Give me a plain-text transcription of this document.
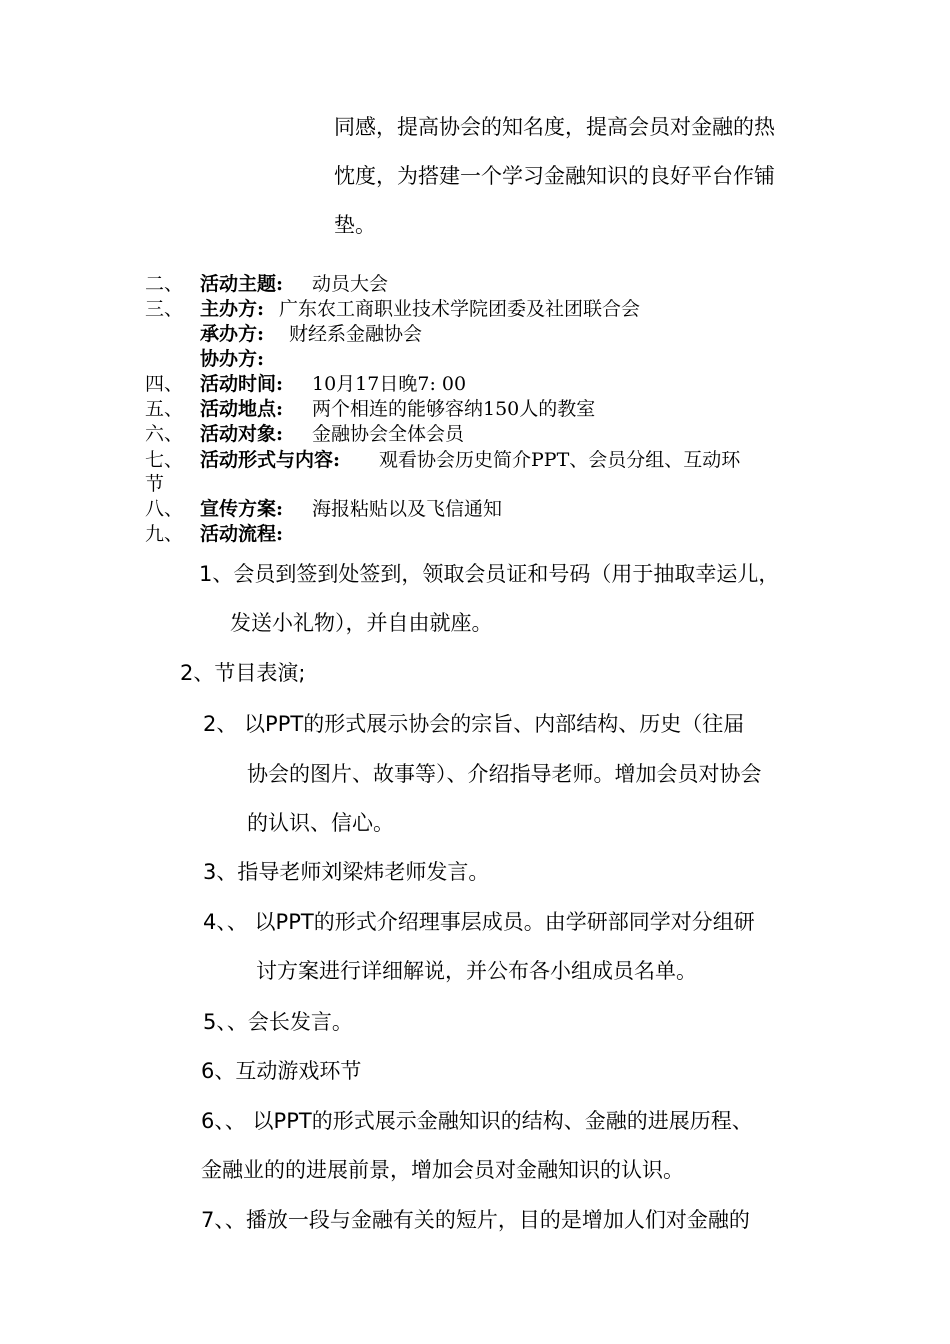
同感，提高协会的知名度，提高会员对金融的热
忱度，为搭建一个学习金融知识的良好平台作铺
垫。
二、 活动主题: 动员大会
三、 主办方: 广东农工商职业技术学院团委及社团联合会
承办方: 财经系金融协会
协办方:
四、 活动时间: 10月17日晚7: 00
五、 活动地点: 两个相连的能够容纳150人的教室
六、 活动对象: 金融协会全体会员
七、 活动形式与内容: 观看协会历史简介PPT、会员分组、互动环
节
八、 宣传方案: 海报粘贴以及飞信通知
九、 活动流程:
1、会员到签到处签到，领取会员证和号码（用于抽取幸运儿，
发送小礼物），并自由就座。
2、节目表演;
2、 以PPT的形式展示协会的宗旨、内部结构、历史（往届
协会的图片、故事等）、介绍指导老师。增加会员对协会
的认识、信心。
3、指导老师刘梁炜老师发言。
4、、 以PPT的形式介绍理事层成员。由学研部同学对分组研
讨方案进行详细解说，并公布各小组成员名单。
5、、会长发言。
6、互动游戏环节
6、、 以PPT的形式展示金融知识的结构、金融的进展历程、
金融业的的进展前景，增加会员对金融知识的认识。
7、、播放一段与金融有关的短片，目的是增加人们对金融的
